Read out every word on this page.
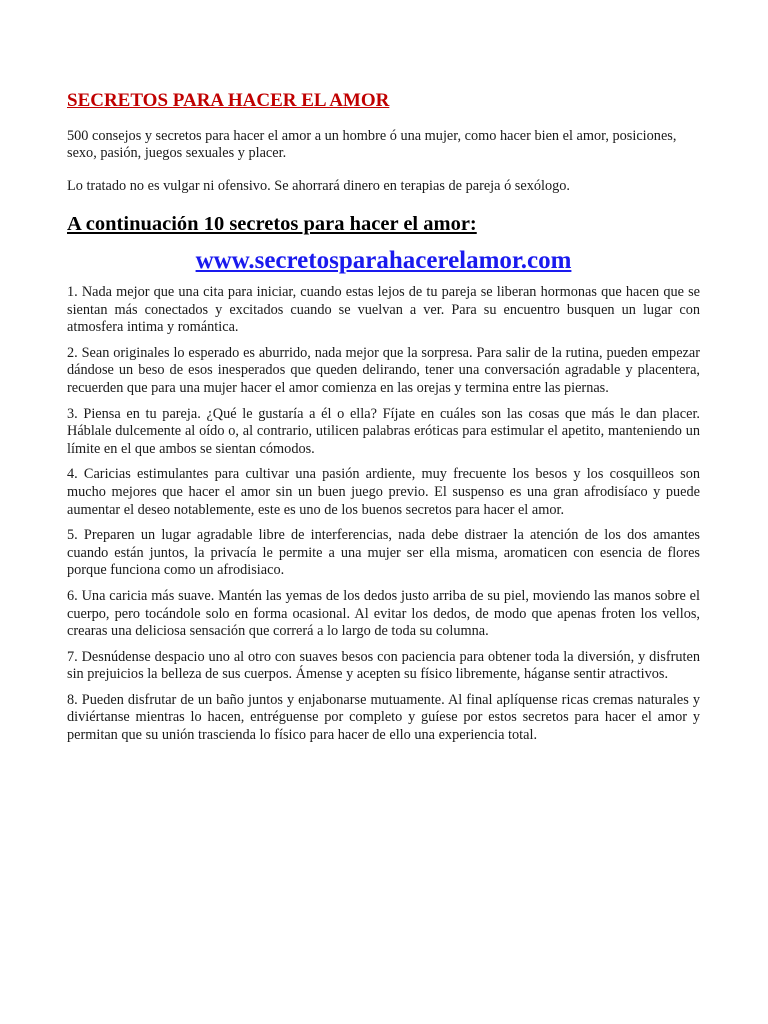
SECRETOS PARA HACER EL AMOR

500 consejos y secretos para hacer el amor a un hombre ó una mujer, como hacer bien el amor, posiciones, sexo, pasión, juegos sexuales y placer.

Lo tratado no es vulgar ni ofensivo. Se ahorrará dinero en terapias de pareja ó sexólogo.

A continuación 10 secretos para hacer el amor:
www.secretosparahacerelamor.com

1. Nada mejor que una cita para iniciar, cuando estas lejos de tu pareja se liberan hormonas que hacen que se sientan más conectados y excitados cuando se vuelvan a ver. Para su encuentro busquen un lugar con atmosfera intima y romántica.

2. Sean originales lo esperado es aburrido, nada mejor que la sorpresa. Para salir de la rutina, pueden empezar dándose un beso de esos inesperados que queden delirando, tener una conversación agradable y placentera, recuerden que para una mujer hacer el amor comienza en las orejas y termina entre las piernas.

3. Piensa en tu pareja. ¿Qué le gustaría a él o ella? Fíjate en cuáles son las cosas que más le dan placer. Háblale dulcemente al oído o, al contrario, utilicen palabras eróticas para estimular el apetito, manteniendo un límite en el que ambos se sientan cómodos.

4. Caricias estimulantes para cultivar una pasión ardiente, muy frecuente los besos y los cosquilleos son mucho mejores que hacer el amor sin un buen juego previo. El suspenso es una gran afrodisíaco y puede aumentar el deseo notablemente, este es uno de los buenos secretos para hacer el amor.

5. Preparen un lugar agradable libre de interferencias, nada debe distraer la atención de los dos amantes cuando están juntos, la privacía le permite a una mujer ser ella misma, aromaticen con esencia de flores porque funciona como un afrodisiaco.

6. Una caricia más suave. Mantén las yemas de los dedos justo arriba de su piel, moviendo las manos sobre el cuerpo, pero tocándole solo en forma ocasional. Al evitar los dedos, de modo que apenas froten los vellos, crearas una deliciosa sensación que correrá a lo largo de toda su columna.

7. Desnúdense despacio uno al otro con suaves besos con paciencia para obtener toda la diversión, y disfruten sin prejuicios la belleza de sus cuerpos. Ámense y acepten su físico libremente, háganse sentir atractivos.

8. Pueden disfrutar de un baño juntos y enjabonarse mutuamente. Al final aplíquense ricas cremas naturales y diviértanse mientras lo hacen, entréguense por completo y guíese por estos secretos para hacer el amor y permitan que su unión trascienda lo físico para hacer de ello una experiencia total.
